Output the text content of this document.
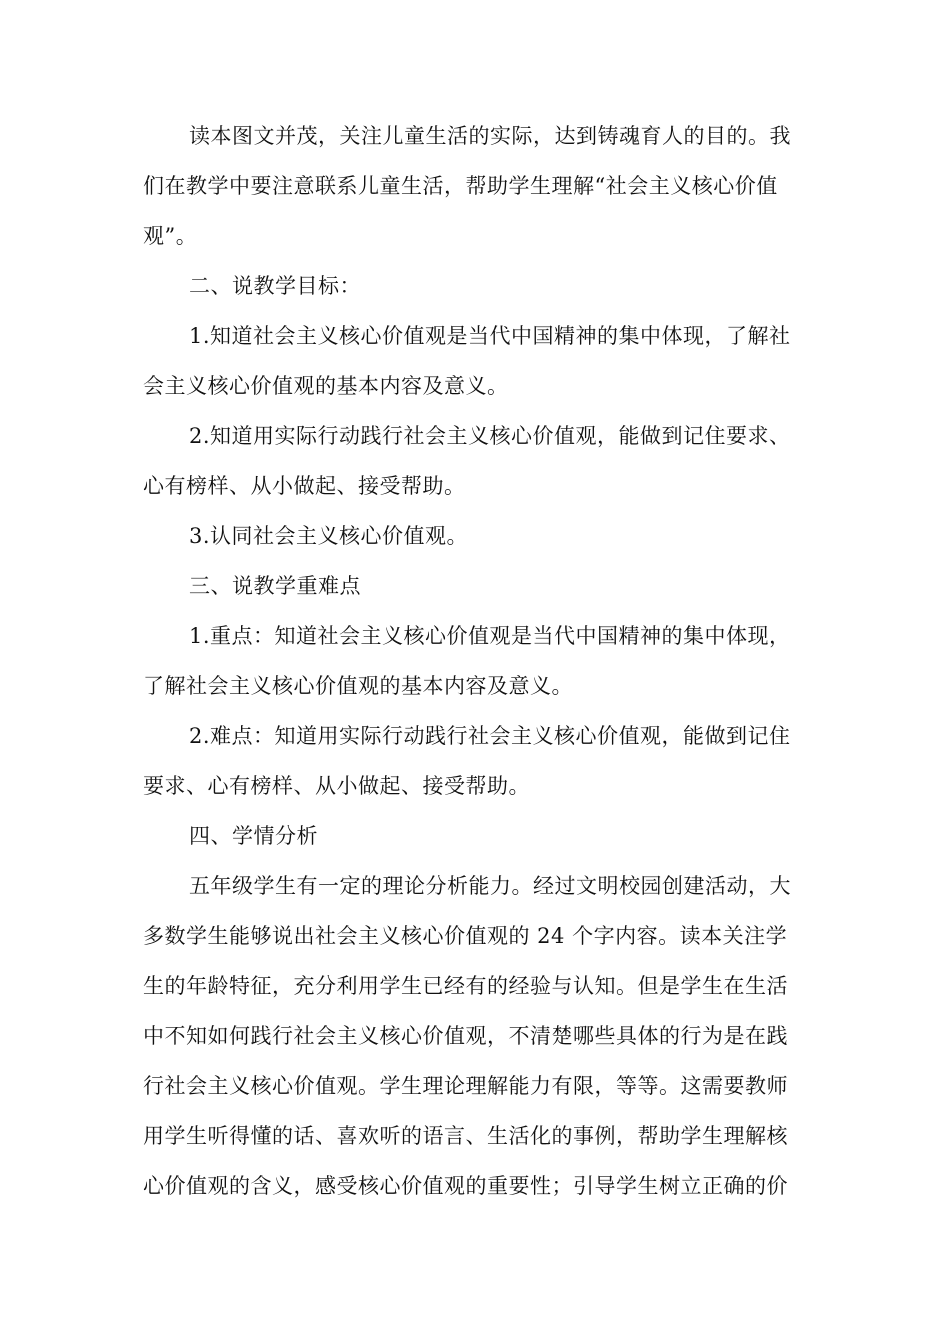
读本图文并茂，关注儿童生活的实际，达到铸魂育人的目的。我
们在教学中要注意联系儿童生活，帮助学生理解“社会主义核心价值
观”。
二、说教学目标：
1.知道社会主义核心价值观是当代中国精神的集中体现，了解社
会主义核心价值观的基本内容及意义。
2.知道用实际行动践行社会主义核心价值观，能做到记住要求、
心有榜样、从小做起、接受帮助。
3.认同社会主义核心价值观。
三、说教学重难点
1.重点：知道社会主义核心价值观是当代中国精神的集中体现，
了解社会主义核心价值观的基本内容及意义。
2.难点：知道用实际行动践行社会主义核心价值观，能做到记住
要求、心有榜样、从小做起、接受帮助。
四、学情分析
五年级学生有一定的理论分析能力。经过文明校园创建活动，大
多数学生能够说出社会主义核心价值观的 24 个字内容。读本关注学
生的年龄特征，充分利用学生已经有的经验与认知。但是学生在生活
中不知如何践行社会主义核心价值观，不清楚哪些具体的行为是在践
行社会主义核心价值观。学生理论理解能力有限，等等。这需要教师
用学生听得懂的话、喜欢听的语言、生活化的事例，帮助学生理解核
心价值观的含义，感受核心价值观的重要性；引导学生树立正确的价
